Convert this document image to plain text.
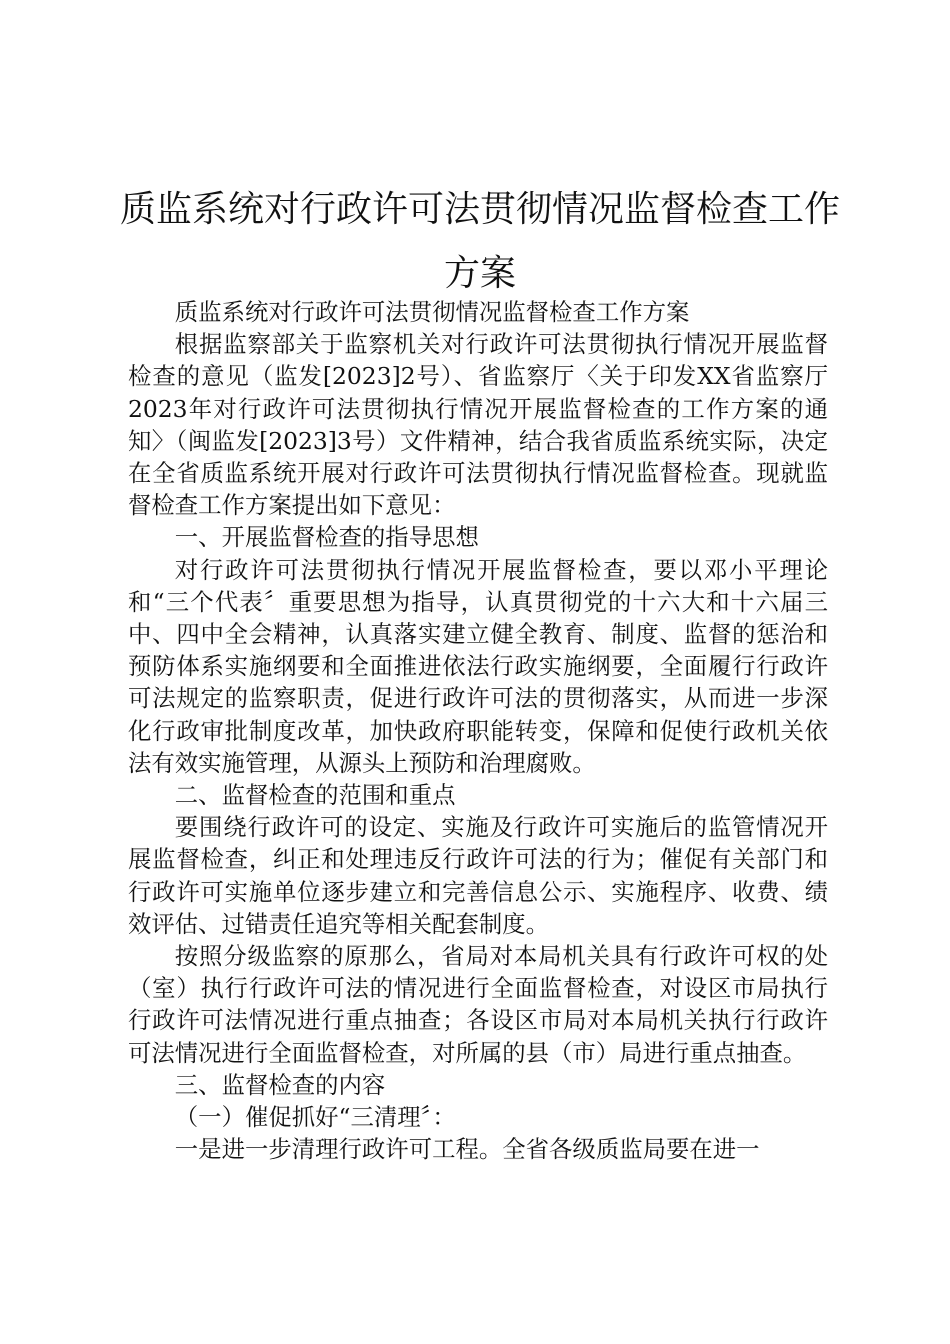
质监系统对行政许可法贯彻情况监督检查工作方案

质监系统对行政许可法贯彻情况监督检查工作方案

根据监察部关于监察机关对行政许可法贯彻执行情况开展监督检查的意见（监发[2023]2号）、省监察厅〈关于印发XX省监察厅2023年对行政许可法贯彻执行情况开展监督检查的工作方案的通知〉（闽监发[2023]3号）文件精神，结合我省质监系统实际，决定在全省质监系统开展对行政许可法贯彻执行情况监督检查。现就监督检查工作方案提出如下意见：

一、开展监督检查的指导思想

对行政许可法贯彻执行情况开展监督检查，要以邓小平理论和“三个代表〞重要思想为指导，认真贯彻党的十六大和十六届三中、四中全会精神，认真落实建立健全教育、制度、监督的惩治和预防体系实施纲要和全面推进依法行政实施纲要，全面履行行政许可法规定的监察职责，促进行政许可法的贯彻落实，从而进一步深化行政审批制度改革，加快政府职能转变，保障和促使行政机关依法有效实施管理，从源头上预防和治理腐败。

二、监督检查的范围和重点

要围绕行政许可的设定、实施及行政许可实施后的监管情况开展监督检查，纠正和处理违反行政许可法的行为；催促有关部门和行政许可实施单位逐步建立和完善信息公示、实施程序、收费、绩效评估、过错责任追究等相关配套制度。

按照分级监察的原那么，省局对本局机关具有行政许可权的处（室）执行行政许可法的情况进行全面监督检查，对设区市局执行行政许可法情况进行重点抽查；各设区市局对本局机关执行行政许可法情况进行全面监督检查，对所属的县（市）局进行重点抽查。

三、监督检查的内容

（一）催促抓好“三清理〞：

一是进一步清理行政许可工程。全省各级质监局要在进一
